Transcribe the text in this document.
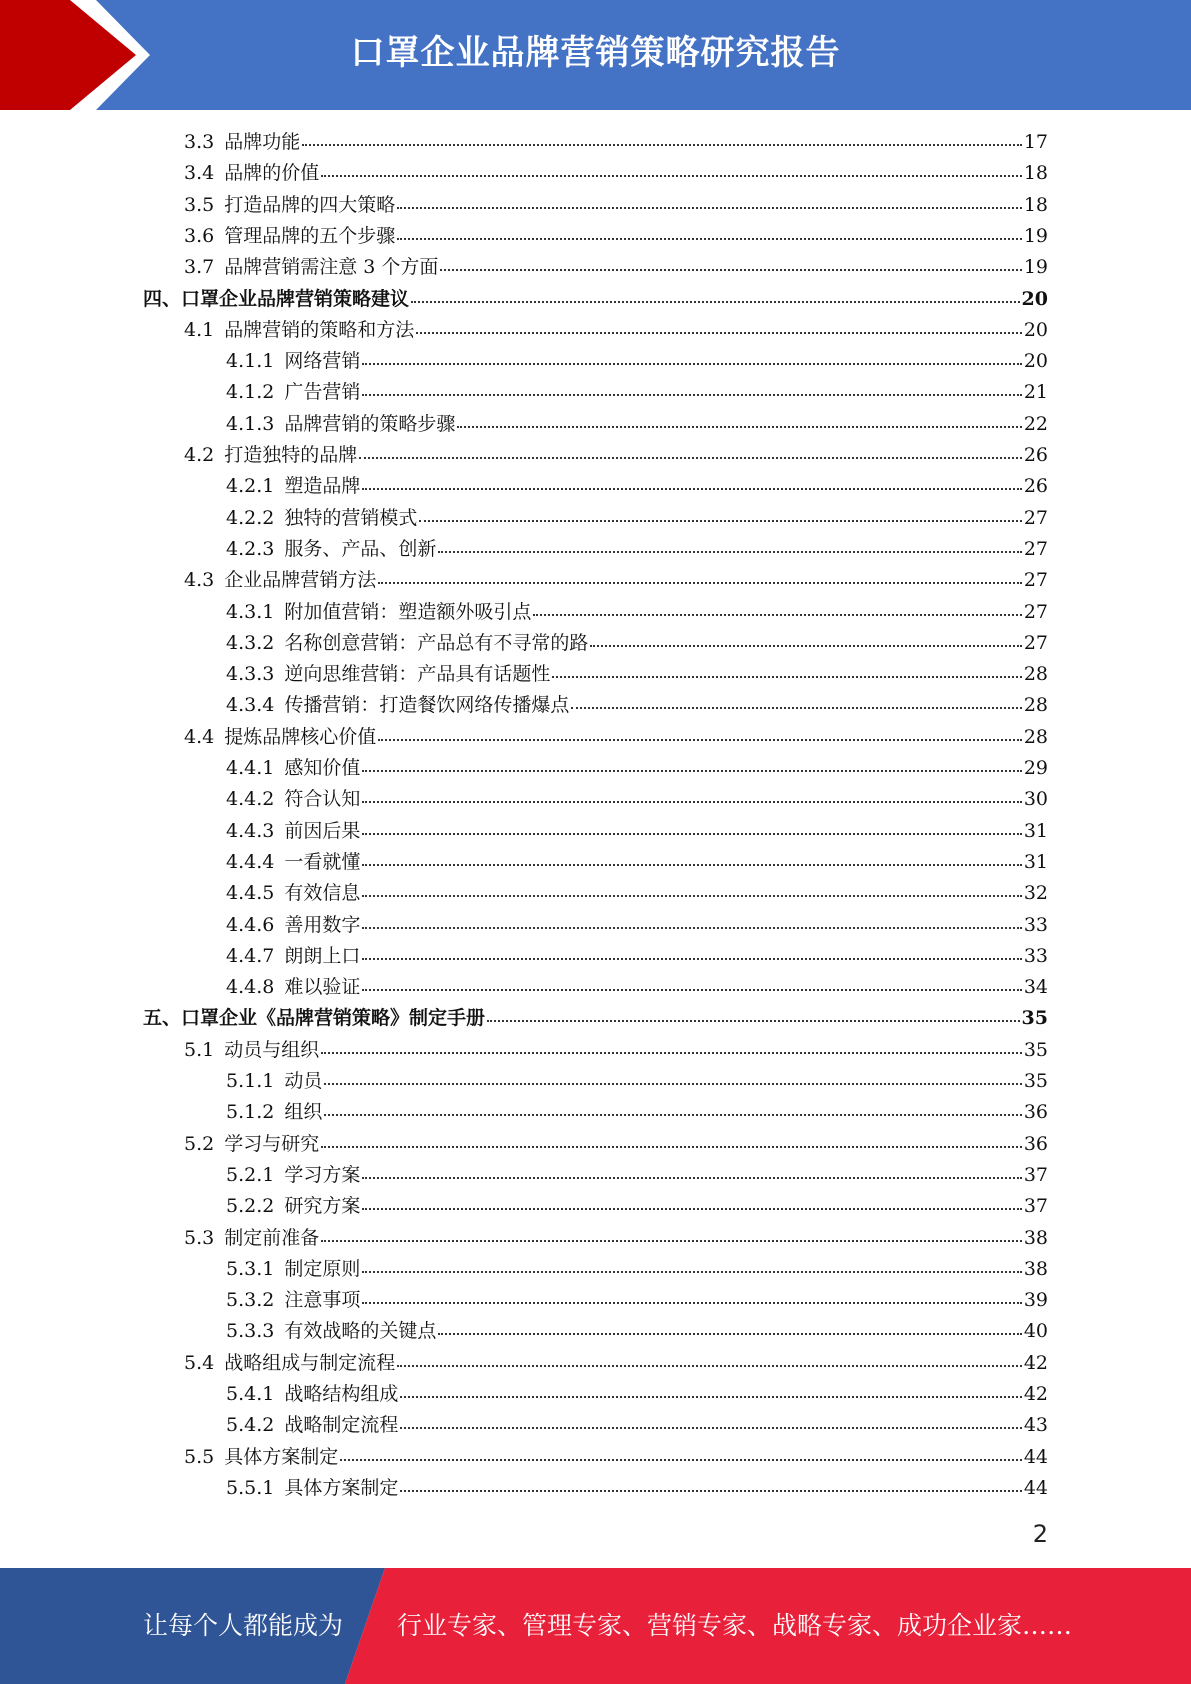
口罩企业品牌营销策略研究报告
3.3 品牌功能	17
3.4 品牌的价值	18
3.5 打造品牌的四大策略	18
3.6 管理品牌的五个步骤	19
3.7 品牌营销需注意 3 个方面	19
四、口罩企业品牌营销策略建议	20
4.1 品牌营销的策略和方法	20
4.1.1 网络营销	20
4.1.2 广告营销	21
4.1.3 品牌营销的策略步骤	22
4.2 打造独特的品牌	26
4.2.1 塑造品牌	26
4.2.2 独特的营销模式	27
4.2.3 服务、产品、创新	27
4.3 企业品牌营销方法	27
4.3.1 附加值营销：塑造额外吸引点	27
4.3.2 名称创意营销：产品总有不寻常的路	27
4.3.3 逆向思维营销：产品具有话题性	28
4.3.4 传播营销：打造餐饮网络传播爆点	28
4.4 提炼品牌核心价值	28
4.4.1 感知价值	29
4.4.2 符合认知	30
4.4.3 前因后果	31
4.4.4 一看就懂	31
4.4.5 有效信息	32
4.4.6 善用数字	33
4.4.7 朗朗上口	33
4.4.8 难以验证	34
五、口罩企业《品牌营销策略》制定手册	35
5.1 动员与组织	35
5.1.1 动员	35
5.1.2 组织	36
5.2 学习与研究	36
5.2.1 学习方案	37
5.2.2 研究方案	37
5.3 制定前准备	38
5.3.1 制定原则	38
5.3.2 注意事项	39
5.3.3 有效战略的关键点	40
5.4 战略组成与制定流程	42
5.4.1 战略结构组成	42
5.4.2 战略制定流程	43
5.5 具体方案制定	44
5.5.1 具体方案制定	44
2
让每个人都能成为 行业专家、管理专家、营销专家、战略专家、成功企业家……
